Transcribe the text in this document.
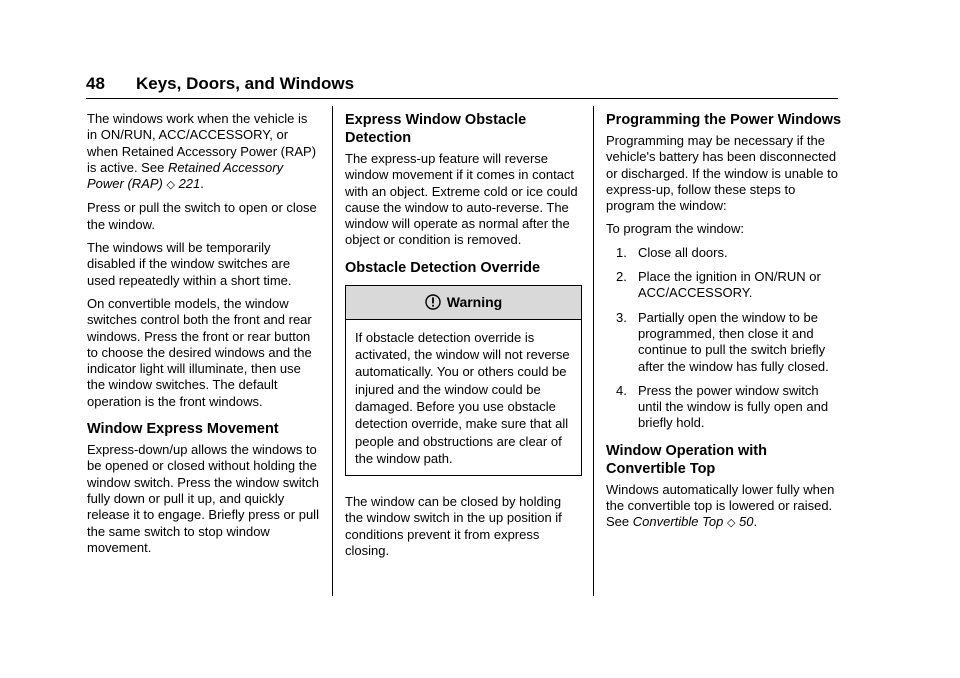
48 Keys, Doors, and Windows

The windows work when the vehicle is in ON/RUN, ACC/ACCESSORY, or when Retained Accessory Power (RAP) is active. See Retained Accessory Power (RAP) ◇ 221.

Press or pull the switch to open or close the window.

The windows will be temporarily disabled if the window switches are used repeatedly within a short time.

On convertible models, the window switches control both the front and rear windows. Press the front or rear button to choose the desired windows and the indicator light will illuminate, then use the window switches. The default operation is the front windows.

Window Express Movement

Express-down/up allows the windows to be opened or closed without holding the window switch. Press the window switch fully down or pull it up, and quickly release it to engage. Briefly press or pull the same switch to stop window movement.

Express Window Obstacle Detection

The express-up feature will reverse window movement if it comes in contact with an object. Extreme cold or ice could cause the window to auto-reverse. The window will operate as normal after the object or condition is removed.

Obstacle Detection Override
Warning
If obstacle detection override is activated, the window will not reverse automatically. You or others could be injured and the window could be damaged. Before you use obstacle detection override, make sure that all people and obstructions are clear of the window path.

The window can be closed by holding the window switch in the up position if conditions prevent it from express closing.

Programming the Power Windows

Programming may be necessary if the vehicle's battery has been disconnected or discharged. If the window is unable to express-up, follow these steps to program the window:

To program the window:

1. Close all doors.
2. Place the ignition in ON/RUN or ACC/ACCESSORY.
3. Partially open the window to be programmed, then close it and continue to pull the switch briefly after the window has fully closed.
4. Press the power window switch until the window is fully open and briefly hold.
Window Operation with Convertible Top

Windows automatically lower fully when the convertible top is lowered or raised. See Convertible Top ◇ 50.
